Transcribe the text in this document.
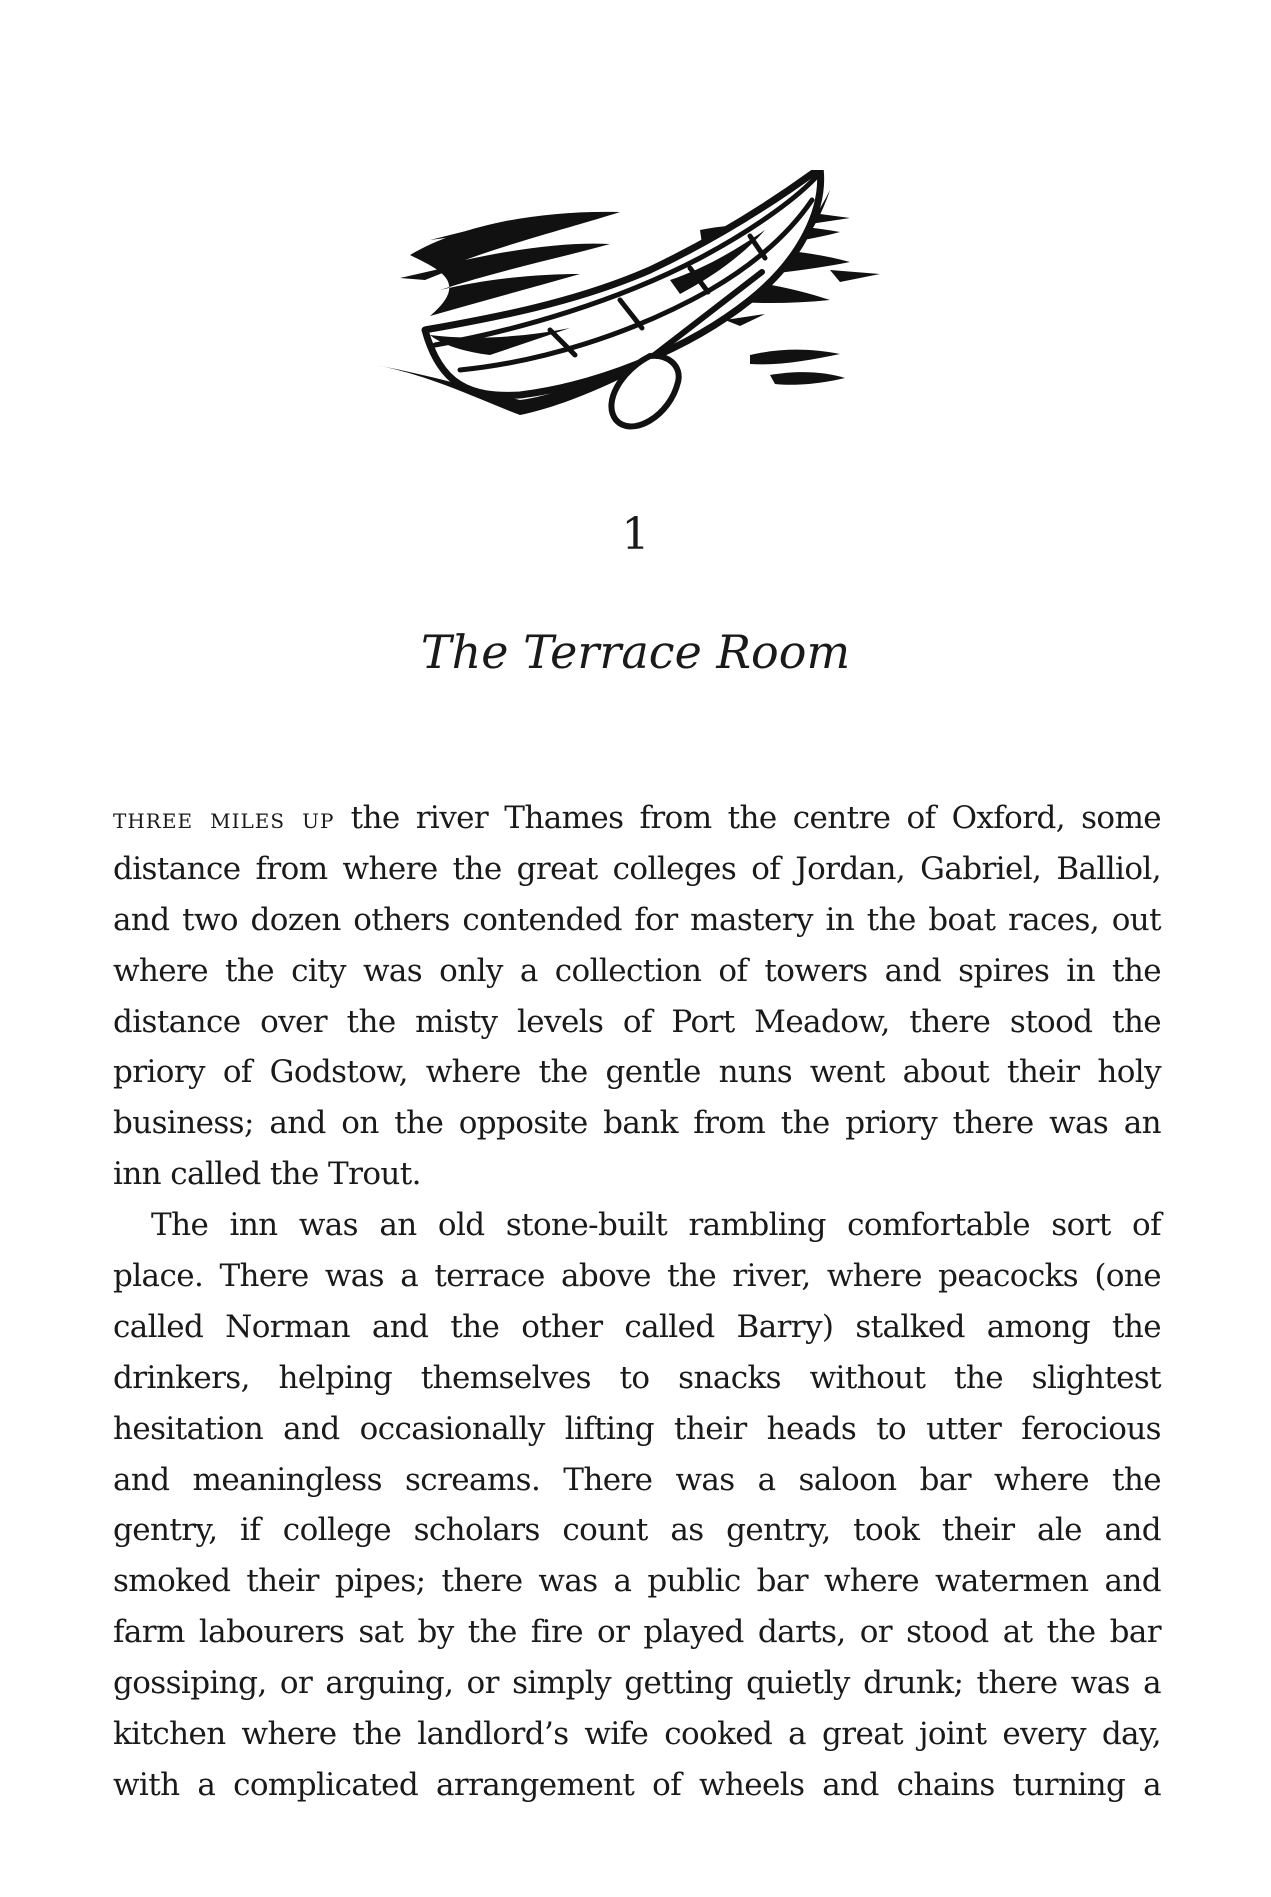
1
The Terrace Room
three miles up the river Thames from the centre of Oxford, some
distance from where the great colleges of Jordan, Gabriel, Balliol,
and two dozen others contended for mastery in the boat races, out
where the city was only a collection of towers and spires in the
distance over the misty levels of Port Meadow, there stood the
priory of Godstow, where the gentle nuns went about their holy
business; and on the opposite bank from the priory there was an
inn called the Trout.
The inn was an old stone-built rambling comfortable sort of
place. There was a terrace above the river, where peacocks (one
called Norman and the other called Barry) stalked among the
drinkers, helping themselves to snacks without the slightest
hesitation and occasionally lifting their heads to utter ferocious
and meaningless screams. There was a saloon bar where the
gentry, if college scholars count as gentry, took their ale and
smoked their pipes; there was a public bar where watermen and
farm labourers sat by the fire or played darts, or stood at the bar
gossiping, or arguing, or simply getting quietly drunk; there was a
kitchen where the landlord’s wife cooked a great joint every day,
with a complicated arrangement of wheels and chains turning a
